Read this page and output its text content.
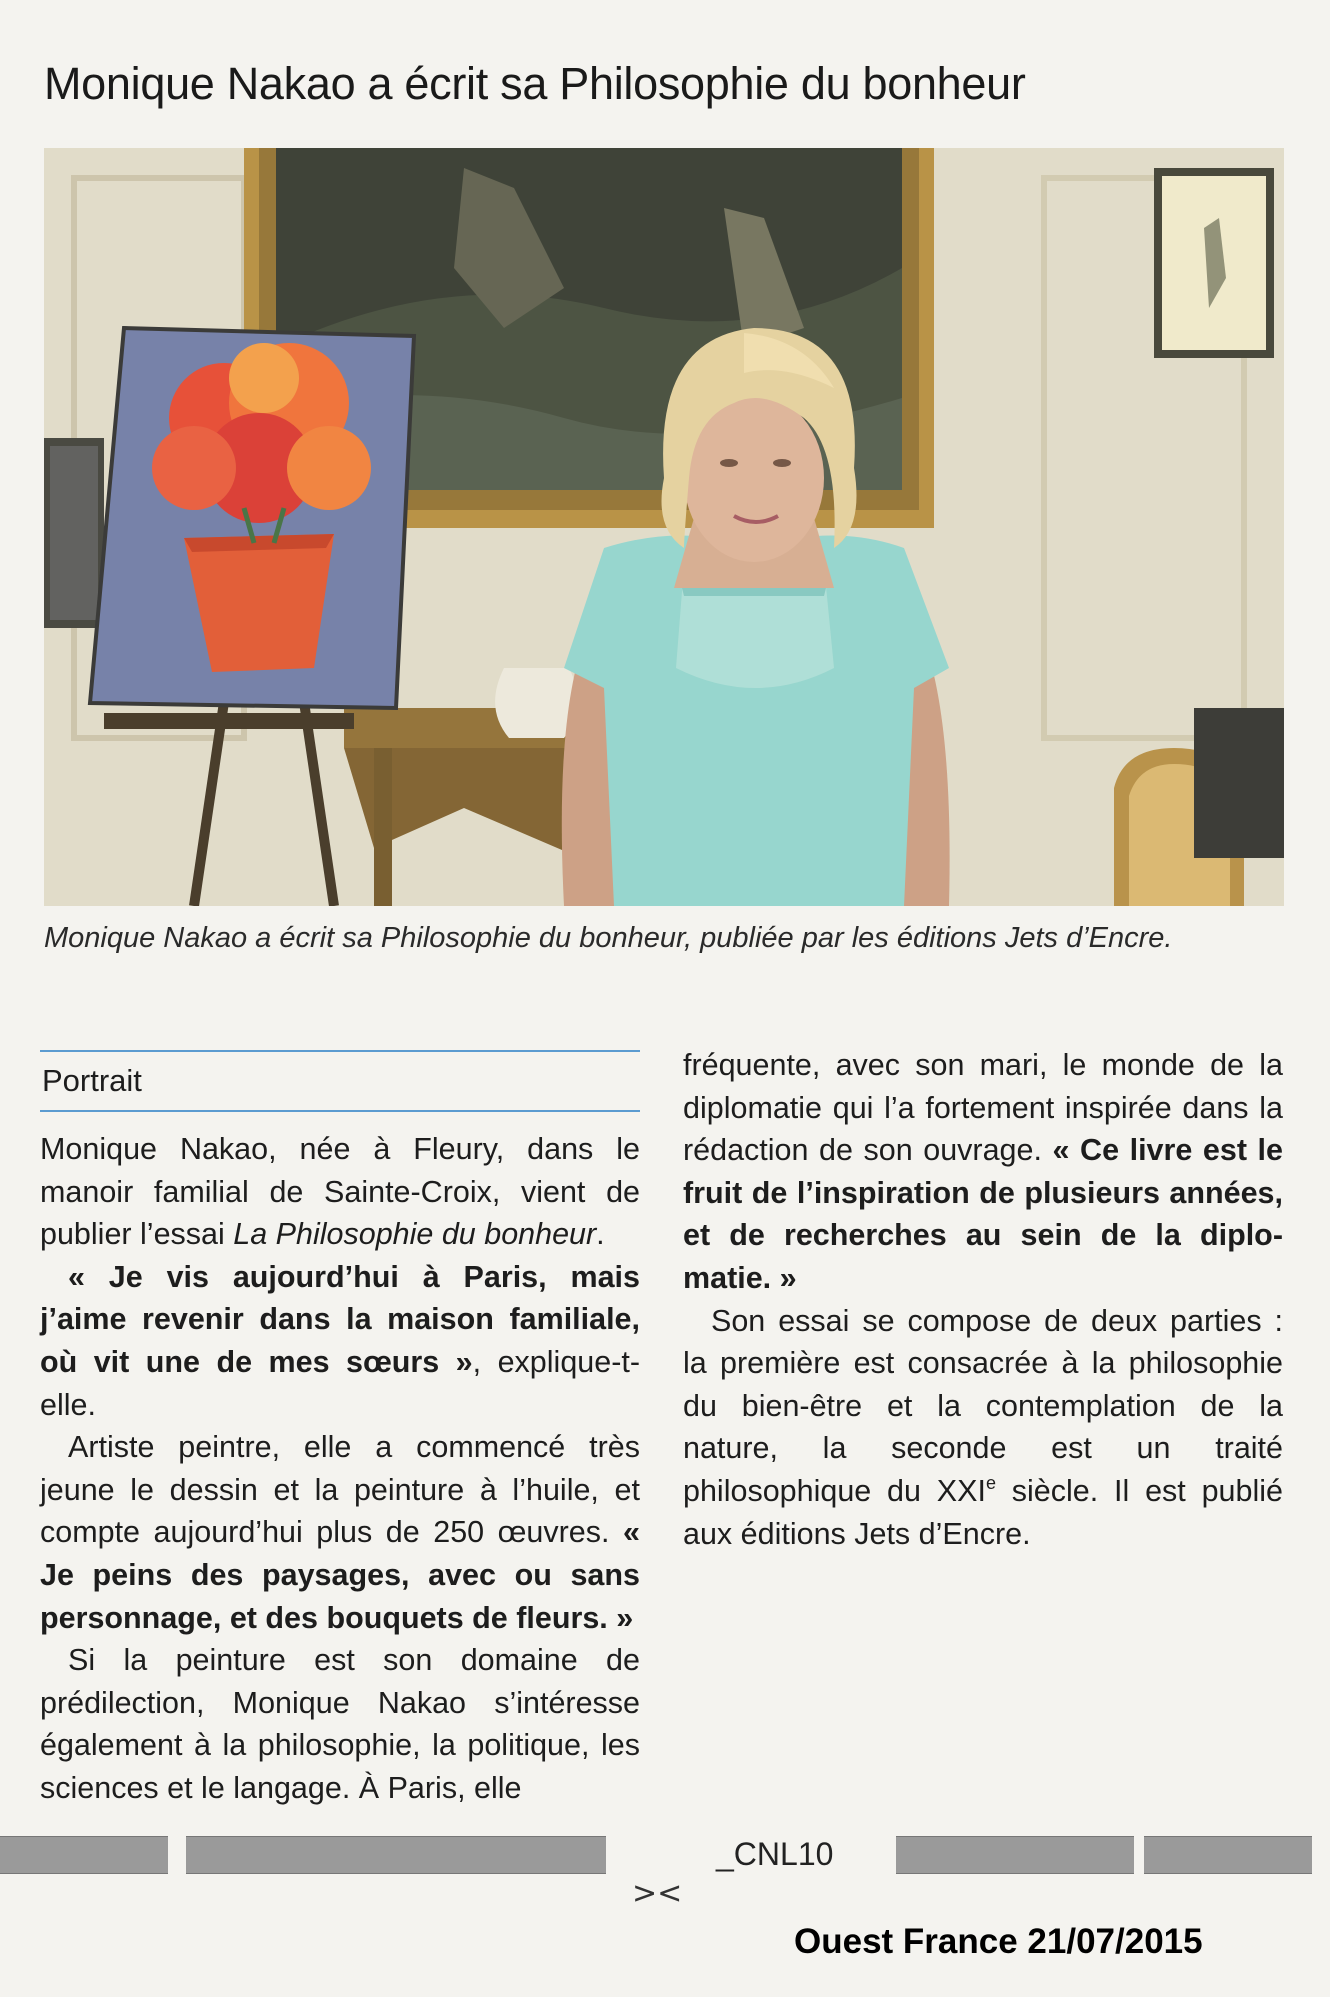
Monique Nakao a écrit sa Philosophie du bonheur

Monique Nakao a écrit sa Philosophie du bonheur, publiée par les éditions Jets d’Encre.

Portrait

Monique Nakao, née à Fleury, dans le manoir familial de Sainte-Croix, vient de publier l’essai La Philosophie du bonheur.

« Je vis aujourd’hui à Paris, mais j’aime revenir dans la maison familiale, où vit une de mes sœurs », explique-t-elle.

Artiste peintre, elle a commencé très jeune le dessin et la peinture à l’huile, et compte aujourd’hui plus de 250 œuvres. « Je peins des paysages, avec ou sans personnage, et des bouquets de fleurs. »

Si la peinture est son domaine de prédilection, Monique Nakao s’intéresse également à la philosophie, la politique, les sciences et le langage. À Paris, elle

fréquente, avec son mari, le monde de la diplomatie qui l’a fortement inspirée dans la rédaction de son ouvrage. « Ce livre est le fruit de l’inspiration de plusieurs années, et de recherches au sein de la diplomatie. »

Son essai se compose de deux parties : la première est consacrée à la philosophie du bien-être et la contemplation de la nature, la seconde est un traité philosophique du XXIe siècle. Il est publié aux éditions Jets d’Encre.

_CNL10
><
Ouest France 21/07/2015
